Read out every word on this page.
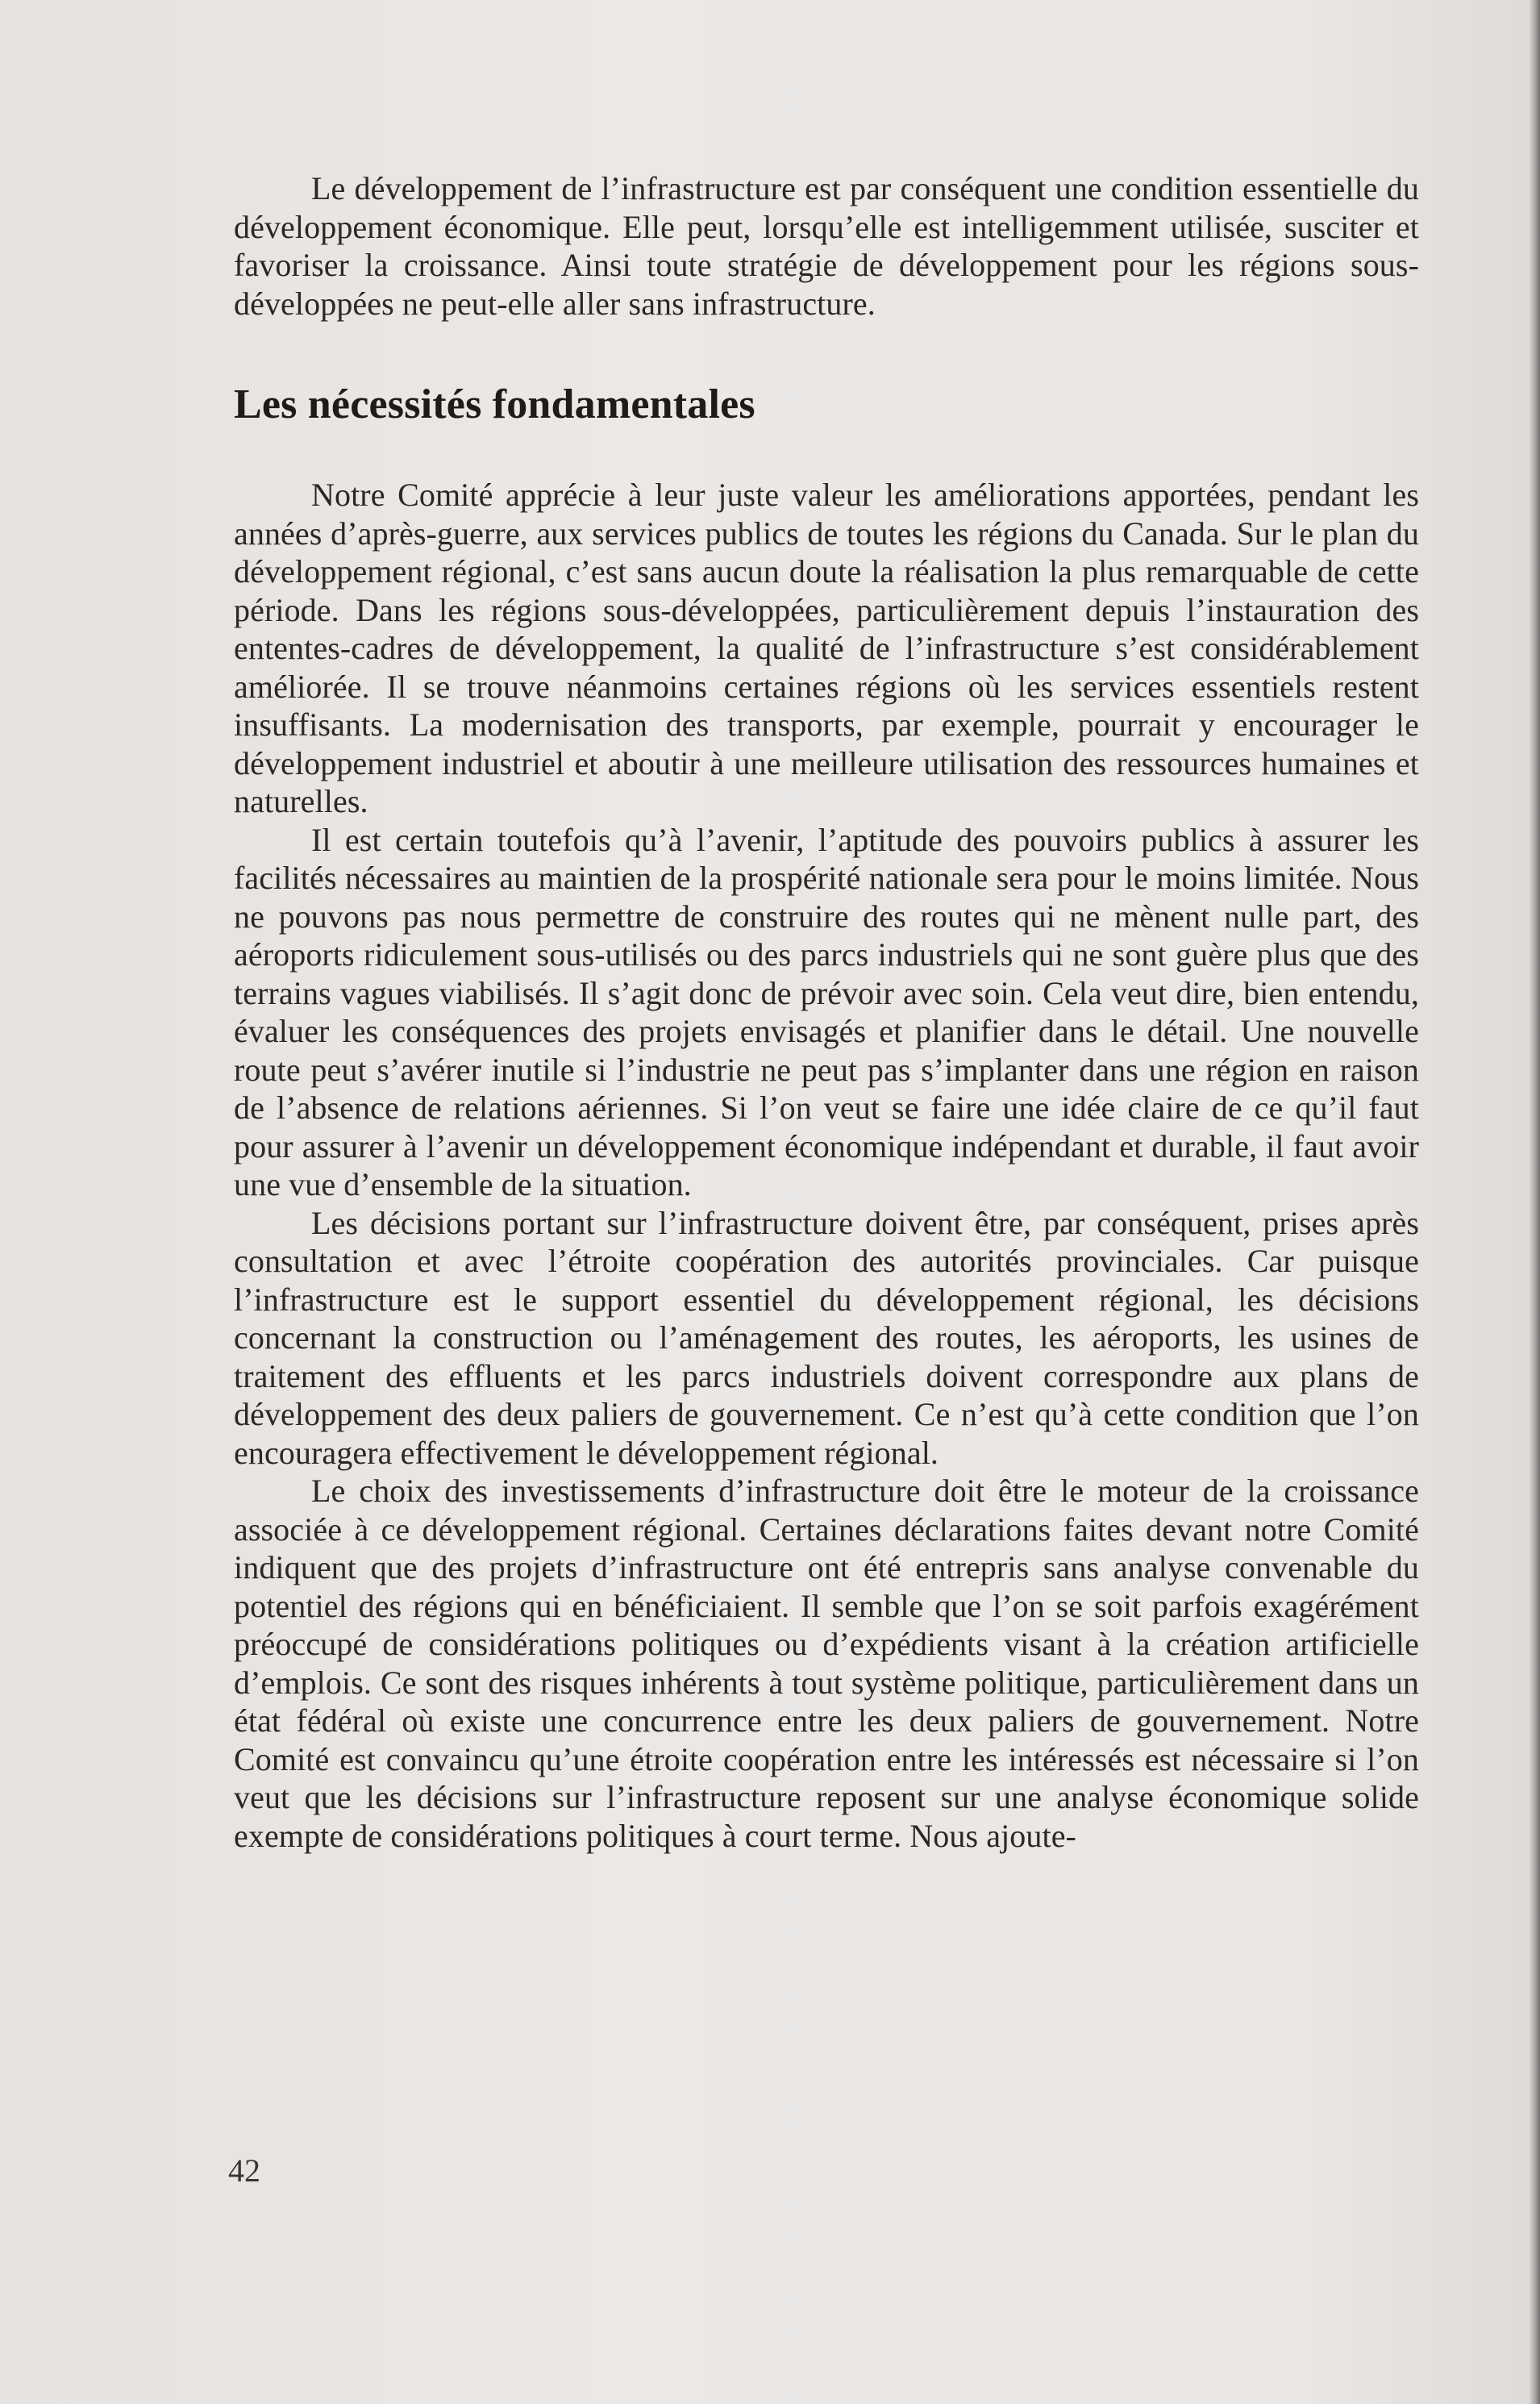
Le développement de l’infrastructure est par conséquent une condition essentielle du développement économique. Elle peut, lorsqu’elle est intelligemment utilisée, susciter et favoriser la croissance. Ainsi toute stratégie de développement pour les régions sous-développées ne peut-elle aller sans infrastructure.

Les nécessités fondamentales

Notre Comité apprécie à leur juste valeur les améliorations apportées, pendant les années d’après-guerre, aux services publics de toutes les régions du Canada. Sur le plan du développement régional, c’est sans aucun doute la réalisation la plus remarquable de cette période. Dans les régions sous-développées, particulièrement depuis l’instauration des ententes-cadres de développement, la qualité de l’infrastructure s’est considérablement améliorée. Il se trouve néanmoins certaines régions où les services essentiels restent insuffisants. La modernisation des transports, par exemple, pourrait y encourager le développement industriel et aboutir à une meilleure utilisation des ressources humaines et naturelles.

Il est certain toutefois qu’à l’avenir, l’aptitude des pouvoirs publics à assurer les facilités nécessaires au maintien de la prospérité nationale sera pour le moins limitée. Nous ne pouvons pas nous permettre de construire des routes qui ne mènent nulle part, des aéroports ridiculement sous-utilisés ou des parcs industriels qui ne sont guère plus que des terrains vagues viabilisés. Il s’agit donc de prévoir avec soin. Cela veut dire, bien entendu, évaluer les conséquences des projets envisagés et planifier dans le détail. Une nouvelle route peut s’avérer inutile si l’industrie ne peut pas s’implanter dans une région en raison de l’absence de relations aériennes. Si l’on veut se faire une idée claire de ce qu’il faut pour assurer à l’avenir un développement économique indépendant et durable, il faut avoir une vue d’ensemble de la situation.

Les décisions portant sur l’infrastructure doivent être, par conséquent, prises après consultation et avec l’étroite coopération des autorités provinciales. Car puisque l’infrastructure est le support essentiel du développement régional, les décisions concernant la construction ou l’aménagement des routes, les aéroports, les usines de traitement des effluents et les parcs industriels doivent correspondre aux plans de développement des deux paliers de gouvernement. Ce n’est qu’à cette condition que l’on encouragera effectivement le développement régional.

Le choix des investissements d’infrastructure doit être le moteur de la croissance associée à ce développement régional. Certaines déclarations faites devant notre Comité indiquent que des projets d’infrastructure ont été entrepris sans analyse convenable du potentiel des régions qui en bénéficiaient. Il semble que l’on se soit parfois exagérément préoccupé de considérations politiques ou d’expédients visant à la création artificielle d’emplois. Ce sont des risques inhérents à tout système politique, particulièrement dans un état fédéral où existe une concurrence entre les deux paliers de gouvernement. Notre Comité est convaincu qu’une étroite coopération entre les intéressés est nécessaire si l’on veut que les décisions sur l’infrastructure reposent sur une analyse économique solide exempte de considérations politiques à court terme. Nous ajoute-

42
